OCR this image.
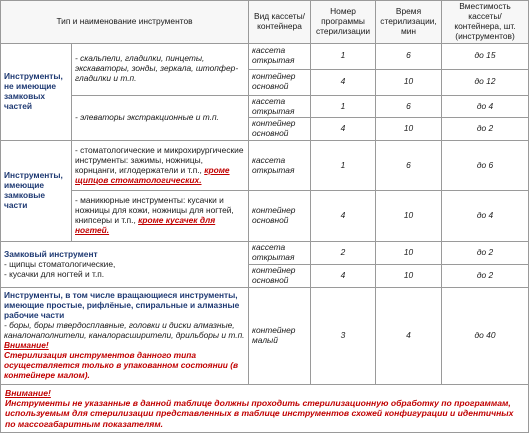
Тип и наименование инструментов		Вид кассеты/ контейнера	Номер программы стерилизации	Время стерилизации, мин	Вместимость кассеты/ контейнера, шт. (инструментов)
Инструменты, не имеющие замковых частей	- скальпели, гладилки, пинцеты, экскаваторы, зонды, зеркала, штопфер-гладилки и т.п.	кассета открытая	1	6	до 15
		контейнер основной	4	10	до 12
	- элеваторы экстракционные и т.п.	кассета открытая	1	6	до 4
		контейнер основной	4	10	до 2
Инструменты, имеющие замковые части	- стоматологические и микрохирургические инструменты: зажимы, ножницы, корнцанги, иглодержатели и т.п., кроме щипцов стоматологических.	кассета открытая	1	6	до 6
	- маникюрные инструменты: кусачки и ножницы для кожи, ножницы для ногтей, книпсеры и т.п., кроме кусачек для ногтей.	контейнер основной	4	10	до 4

Замковый инструмент
- щипцы стоматологические,
- кусачки для ногтей и т.п.		кассета открытая	2	10	до 2
		контейнер основной	4	10	до 2

Инструменты, в том числе вращающиеся инструменты, имеющие простые, рифлёные, спиральные и алмазные рабочие части
- боры, боры твердосплавные, головки и диски алмазные, каналонаполнители, каналорасширители, дрильборы и т.п.
Внимание!
Стерилизация инструментов данного типа осуществляется только в упакованном состоянии (в контейнере малом).		контейнер малый	3	4	до 40

Внимание!
Инструменты не указанные в данной таблице должны проходить стерилизационную обработку по программам, используемым для стерилизации представленных в таблице инструментов схожей конфигурации и идентичных по массогабаритным показателям.					
